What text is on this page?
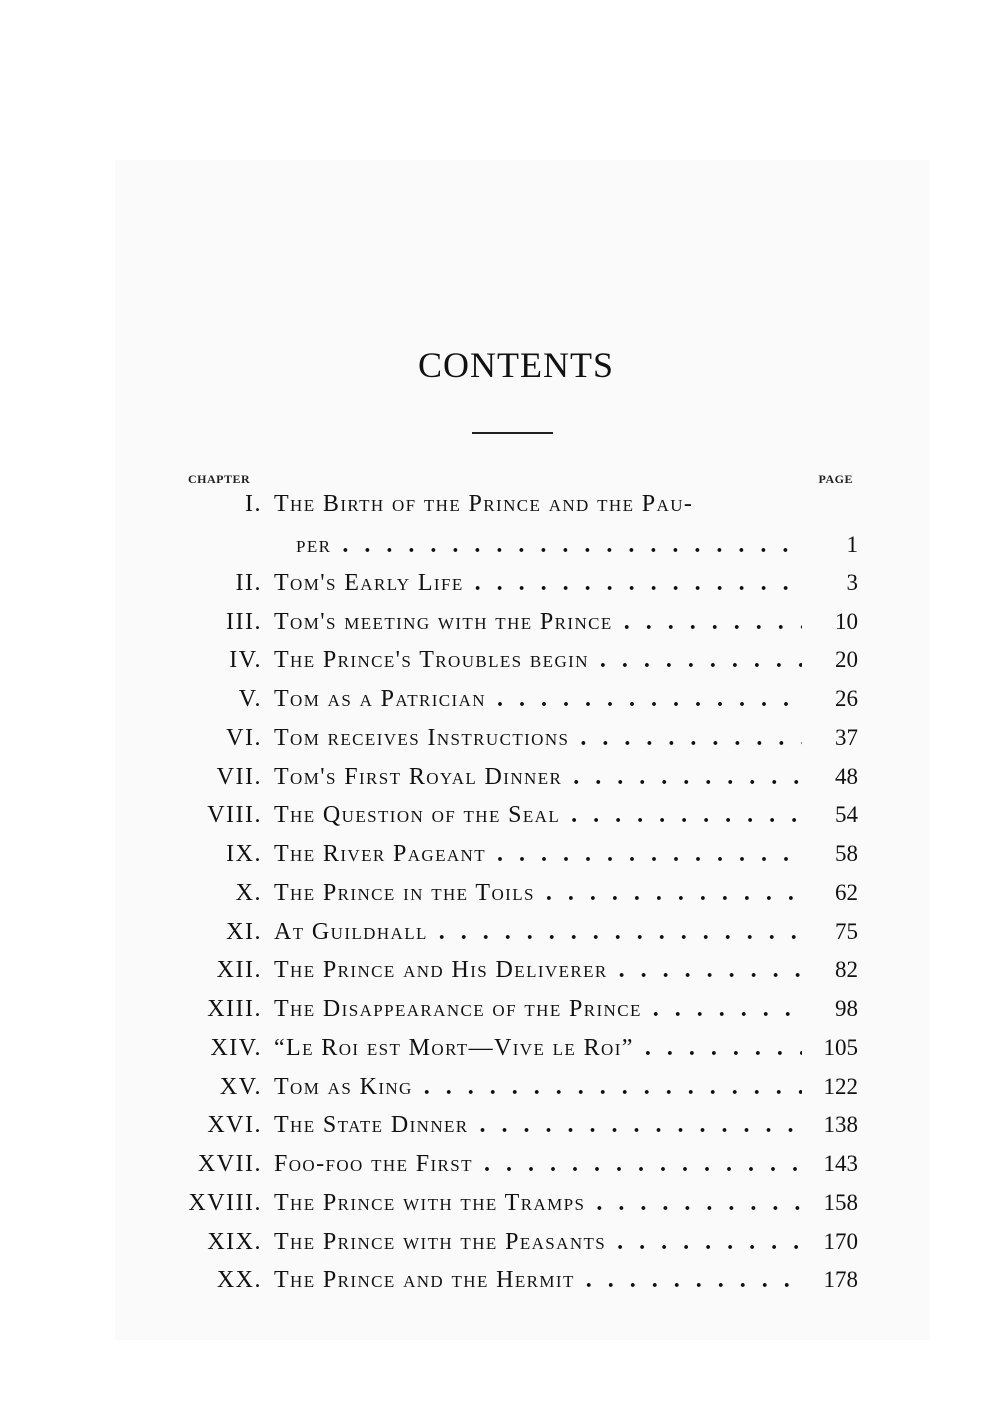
CONTENTS
CHAPTER	PAGE
I. The Birth of the Prince and the Pau-
per . . .	1
II. Tom's Early Life . . .	3
III. Tom's meeting with the Prince . . .	10
IV. The Prince's Troubles begin . . .	20
V. Tom as a Patrician . . .	26
VI. Tom receives Instructions . . .	37
VII. Tom's First Royal Dinner . . .	48
VIII. The Question of the Seal . . .	54
IX. The River Pageant . . .	58
X. The Prince in the Toils . . .	62
XI. At Guildhall . . .	75
XII. The Prince and His Deliverer . . .	82
XIII. The Disappearance of the Prince . . .	98
XIV. “Le Roi est Mort—Vive le Roi” . . .	105
XV. Tom as King . . .	122
XVI. The State Dinner . . .	138
XVII. Foo-foo the First . . .	143
XVIII. The Prince with the Tramps . . .	158
XIX. The Prince with the Peasants . . .	170
XX. The Prince and the Hermit . . .	178
